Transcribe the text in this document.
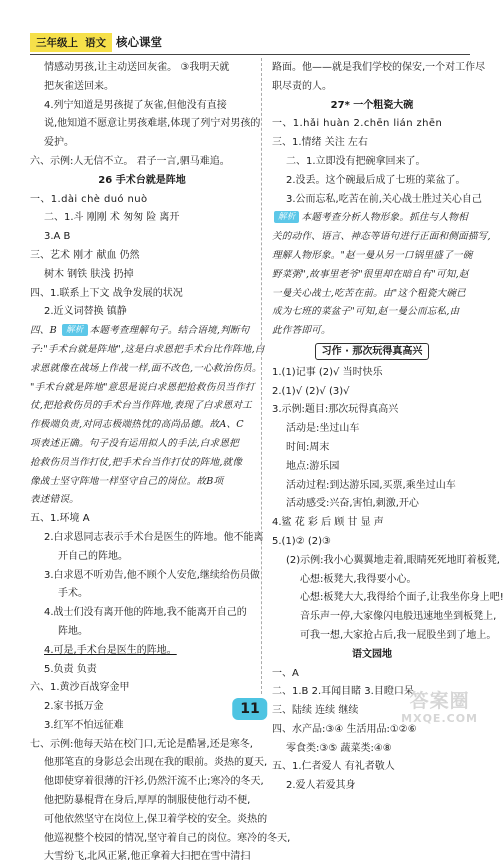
三年级上 语文 核心课堂
情感动男孩,让主动送回灰雀。 ③我明天就
把灰雀送回来。
4.列宁知道是男孩捉了灰雀,但他没有直接
说,他知道不愿意让男孩难堪,体现了列宁对男孩的
爱护。
六、示例:人无信不立。 君子一言,驷马难追。
26 手术台就是阵地
一、1.dài chè duó nuò
二、1.斗 刚刚 术 匆匆 险 离开
3.A B
三、艺术 刚才 献血 仍然
树木 钢铁 肤浅 扔掉
四、1.联系上下文 战争发展的状况
2.近义词替换 镇静
四、B 解析 本题考查理解句子。结合语境,判断句
子:"手术台就是阵地",这是白求恩把手术台比作阵地,白
求恩就像在战场上作战一样,面不改色,一心救治伤员。
"手术台就是阵地"意思是说白求恩把抢救伤员当作打
仗,把抢救伤员的手术台当作阵地,表现了白求恩对工
作极端负责,对同志极端热忱的高尚品德。故A、C
项表述正确。句子没有运用拟人的手法,白求恩把
抢救伤员当作打仗,把手术台当作打仗的阵地,就像
像战士坚守阵地一样坚守自己的岗位。故B项
表述错误。
五、1.环境 A
2.白求恩同志表示手术台是医生的阵地。他不能离
开自己的阵地。
3.白求恩不听劝告,他不顾个人安危,继续给伤员做
手术。
4.战士们没有离开他的阵地,我不能离开自己的
阵地。
4.可是,手术台是医生的阵地。
5.负责 负责
六、1.黄沙百战穿金甲
2.家书抵万金
3.红军不怕远征难
七、示例:他每天站在校门口,无论是酷暑,还是寒冬,
他那笔直的身影总会出现在我的眼前。炎热的夏天,
他即使穿着很薄的汗衫,仍然汗流不止;寒冷的冬天,
他把防暴棍背在身后,厚厚的制服使他行动不便,
可他依然坚守在岗位上,保卫着学校的安全。炎热的
他巡视整个校园的情况,坚守着自己的岗位。寒冷的冬天,
大雪纷飞,北风正紧,他正拿着大扫把在雪中清扫
路面。他——就是我们学校的保安,一个对工作尽
职尽责的人。
27* 一个粗瓷大碗
一、1.hǎi huàn 2.chēn lián zhēn
三、1.情绪 关注 左右
二、1.立即没有把碗拿回来了。
2.没丢。这个碗最后成了七班的菜盆了。
3.公而忘私,吃苦在前,关心战士胜过关心自己
解析 本题考查分析人物形象。抓住与人物相
关的动作、语言、神态等语句进行正面和侧面描写,
理解人物形象。"赵一曼从另一口锅里盛了一碗
野菜粥",故事里老爷"很里却在暗自有"可知,赵
一曼关心战士,吃苦在前。由"这个粗瓷大碗已
成为七班的菜盆子"可知,赵一曼公而忘私,由
此作答即可。
习作 · 那次玩得真高兴
1.(1)记事 (2)√ 当时快乐
2.(1)√ (2)√ (3)√
3.示例:题目:那次玩得真高兴
活动是:坐过山车
时间:周末
地点:游乐园
活动过程:到达游乐园,买票,乘坐过山车
活动感受:兴奋,害怕,刺激,开心
4.鲨 花 彩 后 顾 甘 显 声
5.(1)② (2)③
(2)示例:我小心翼翼地走着,眼睛死死地盯着板凳,
心想:板凳大,我得要小心。
心想:板凳大大,我得给个面子,让我坐你身上吧!
音乐声一停,大家像闪电般迅速地坐到板凳上,
可我一想,大家抢占后,我一屁股坐到了地上。
语文园地
一、A
二、1.B 2.耳闻目睹 3.目瞪口呆
三、陆续 连续 继续
四、水产品:③④ 生活用品:①②⑥
零食类:③⑤ 蔬菜类:④⑧
五、1.仁者爱人 有礼者敬人
2.爱人若爱其身
11	答案圈
MXQE.COM
